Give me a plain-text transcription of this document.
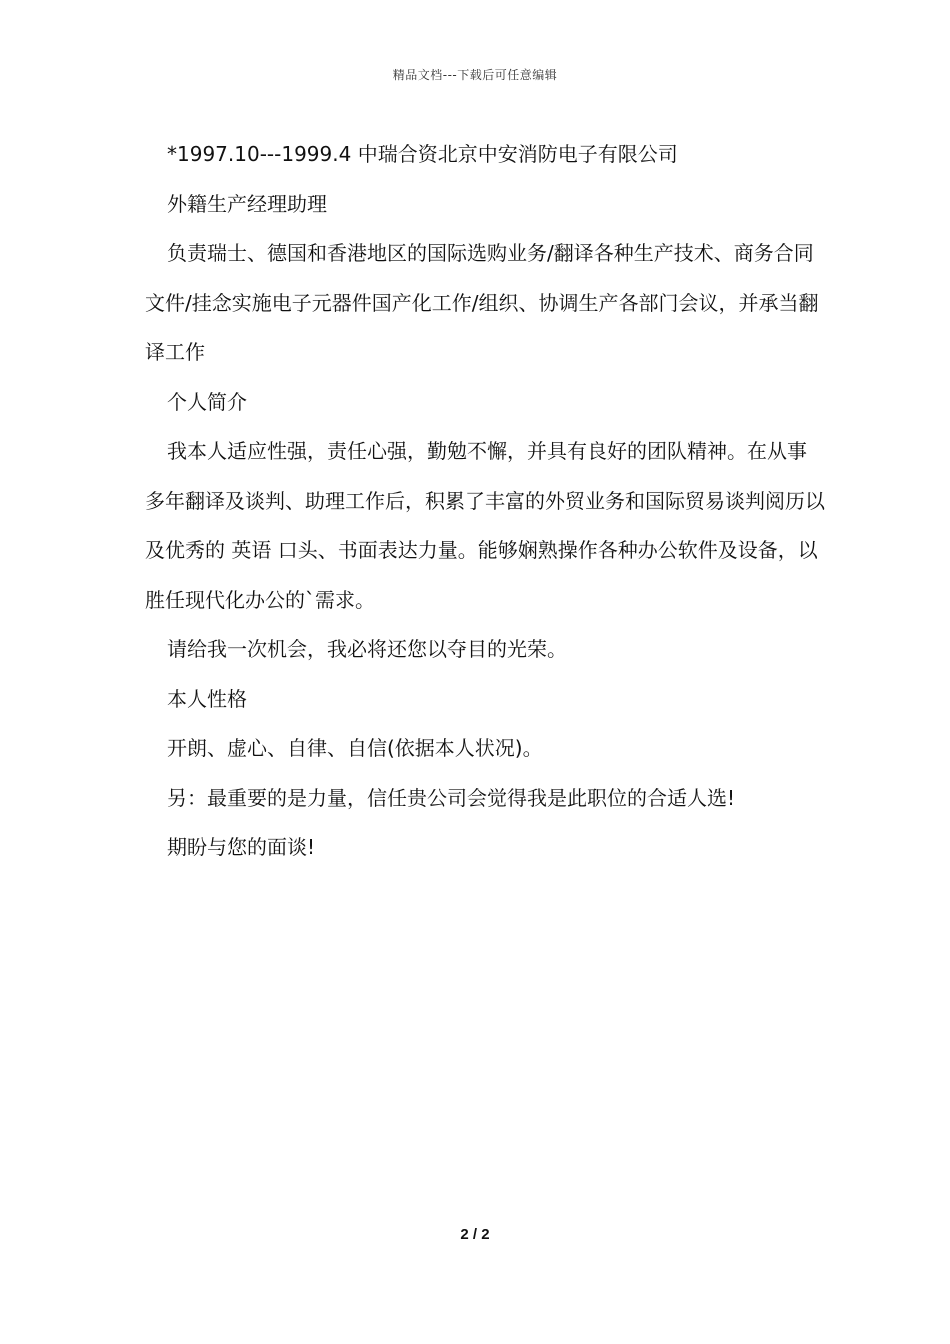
精品文档---下载后可任意编辑

*1997.10---1999.4 中瑞合资北京中安消防电子有限公司

外籍生产经理助理

负责瑞士、德国和香港地区的国际选购业务/翻译各种生产技术、商务合同文件/挂念实施电子元器件国产化工作/组织、协调生产各部门会议，并承当翻译工作

个人简介

我本人适应性强，责任心强，勤勉不懈，并具有良好的团队精神。在从事多年翻译及谈判、助理工作后，积累了丰富的外贸业务和国际贸易谈判阅历以及优秀的 英语 口头、书面表达力量。能够娴熟操作各种办公软件及设备，以胜任现代化办公的`需求。

请给我一次机会，我必将还您以夺目的光荣。

本人性格

开朗、虚心、自律、自信(依据本人状况)。

另：最重要的是力量，信任贵公司会觉得我是此职位的合适人选!

期盼与您的面谈!

2 / 2
